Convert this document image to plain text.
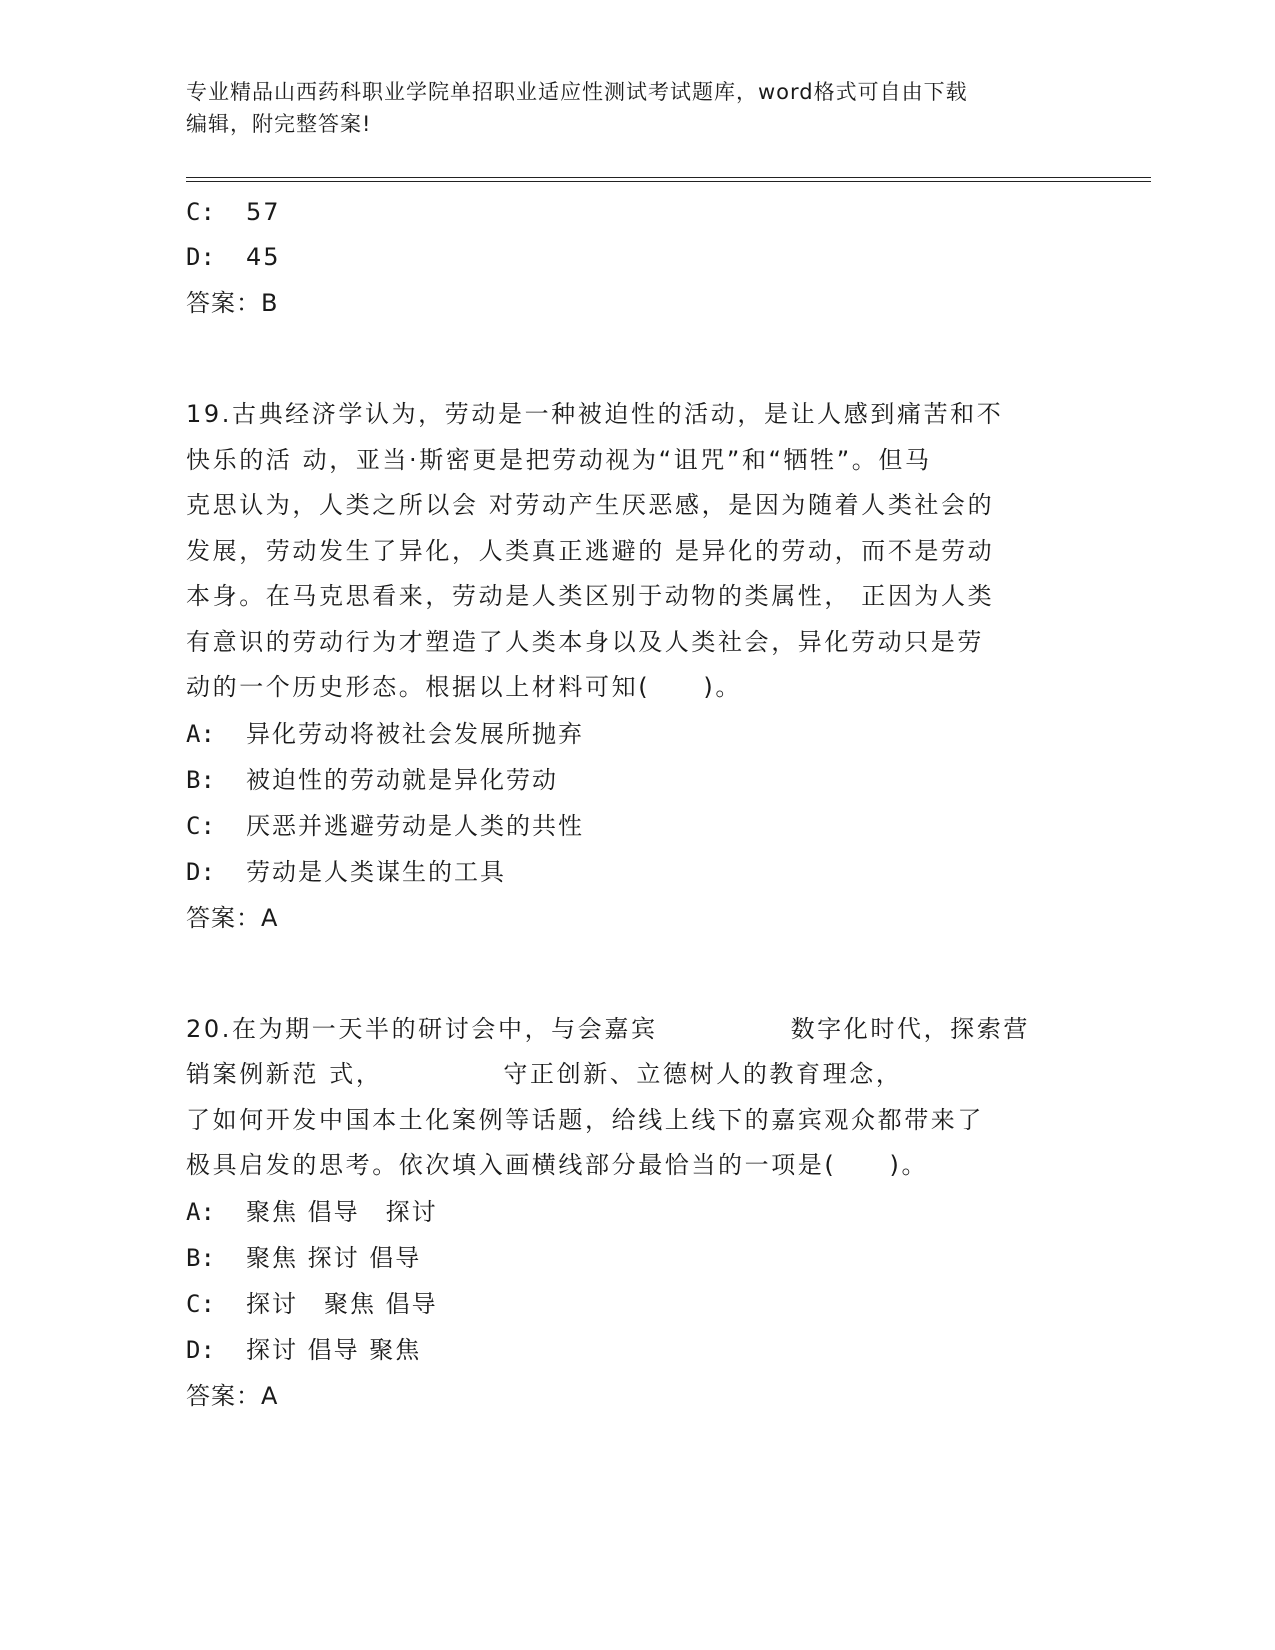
专业精品山西药科职业学院单招职业适应性测试考试题库，word格式可自由下载
编辑，附完整答案!
C: 57
D: 45
答案：B
19.古典经济学认为，劳动是一种被迫性的活动，是让人感到痛苦和不
快乐的活 动，亚当·斯密更是把劳动视为“诅咒”和“牺牲”。但马
克思认为，人类之所以会 对劳动产生厌恶感，是因为随着人类社会的
发展，劳动发生了异化，人类真正逃避的 是异化的劳动，而不是劳动
本身。在马克思看来，劳动是人类区别于动物的类属性， 正因为人类
有意识的劳动行为才塑造了人类本身以及人类社会，异化劳动只是劳
动的一个历史形态。根据以上材料可知(　　)。
A: 异化劳动将被社会发展所抛弃
B: 被迫性的劳动就是异化劳动
C: 厌恶并逃避劳动是人类的共性
D: 劳动是人类谋生的工具
答案：A
20.在为期一天半的研讨会中，与会嘉宾　　　　　数字化时代，探索营
销案例新范 式，　　　　　守正创新、立德树人的教育理念，
了如何开发中国本土化案例等话题，给线上线下的嘉宾观众都带来了
极具启发的思考。依次填入画横线部分最恰当的一项是(　　)。
A: 聚焦 倡导　探讨
B: 聚焦 探讨 倡导
C: 探讨　聚焦 倡导
D: 探讨 倡导 聚焦
答案：A
